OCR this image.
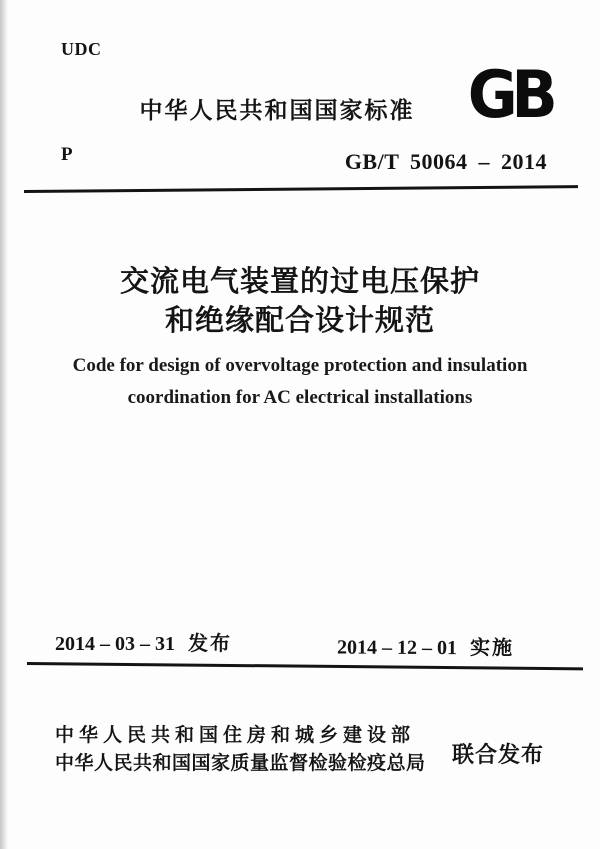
UDC
中华人民共和国国家标准 GB
P	GB/T 50064 – 2014
交流电气装置的过电压保护
和绝缘配合设计规范
Code for design of overvoltage protection and insulation
coordination for AC electrical installations
2014 – 03 – 31 发布	2014 – 12 – 01 实施
中华人民共和国住房和城乡建设部
中华人民共和国国家质量监督检验检疫总局 联合发布
